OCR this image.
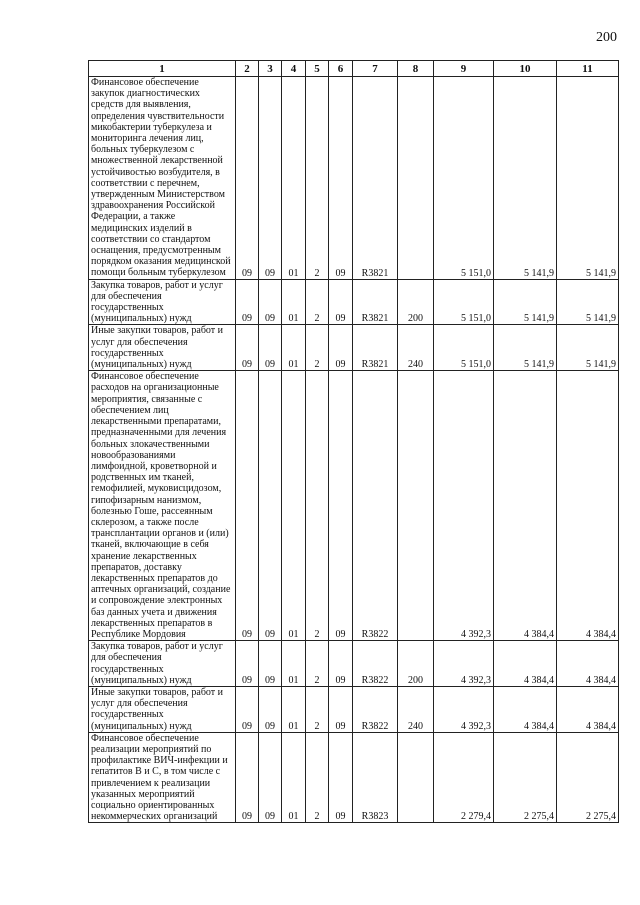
200
1	2	3	4	5	6	7	8	9	10	11
Финансовое обеспечение закупок диагностических средств для выявления, определения чувствительности микобактерии туберкулеза и мониторинга лечения лиц, больных туберкулезом с множественной лекарственной устойчивостью возбудителя, в соответствии с перечнем, утвержденным Министерством здравоохранения Российской Федерации, а также медицинских изделий в соответствии со стандартом оснащения, предусмотренным порядком оказания медицинской помощи больным туберкулезом	09	09	01	2	09	R3821		5 151,0	5 141,9	5 141,9
Закупка товаров, работ и услуг для обеспечения государственных (муниципальных) нужд	09	09	01	2	09	R3821	200	5 151,0	5 141,9	5 141,9
Иные закупки товаров, работ и услуг для обеспечения государственных (муниципальных) нужд	09	09	01	2	09	R3821	240	5 151,0	5 141,9	5 141,9
Финансовое обеспечение расходов на организационные мероприятия, связанные с обеспечением лиц лекарственными препаратами, предназначенными для лечения больных злокачественными новообразованиями лимфоидной, кроветворной и родственных им тканей, гемофилией, муковисцидозом, гипофизарным нанизмом, болезнью Гоше, рассеянным склерозом, а также после трансплантации органов и (или) тканей, включающие в себя хранение лекарственных препаратов, доставку лекарственных препаратов до аптечных организаций, создание и сопровождение электронных баз данных учета и движения лекарственных препаратов в Республике Мордовия	09	09	01	2	09	R3822		4 392,3	4 384,4	4 384,4
Закупка товаров, работ и услуг для обеспечения государственных (муниципальных) нужд	09	09	01	2	09	R3822	200	4 392,3	4 384,4	4 384,4
Иные закупки товаров, работ и услуг для обеспечения государственных (муниципальных) нужд	09	09	01	2	09	R3822	240	4 392,3	4 384,4	4 384,4
Финансовое обеспечение реализации мероприятий по профилактике ВИЧ-инфекции и гепатитов B и C, в том числе с привлечением к реализации указанных мероприятий социально ориентированных некоммерческих организаций	09	09	01	2	09	R3823		2 279,4	2 275,4	2 275,4
